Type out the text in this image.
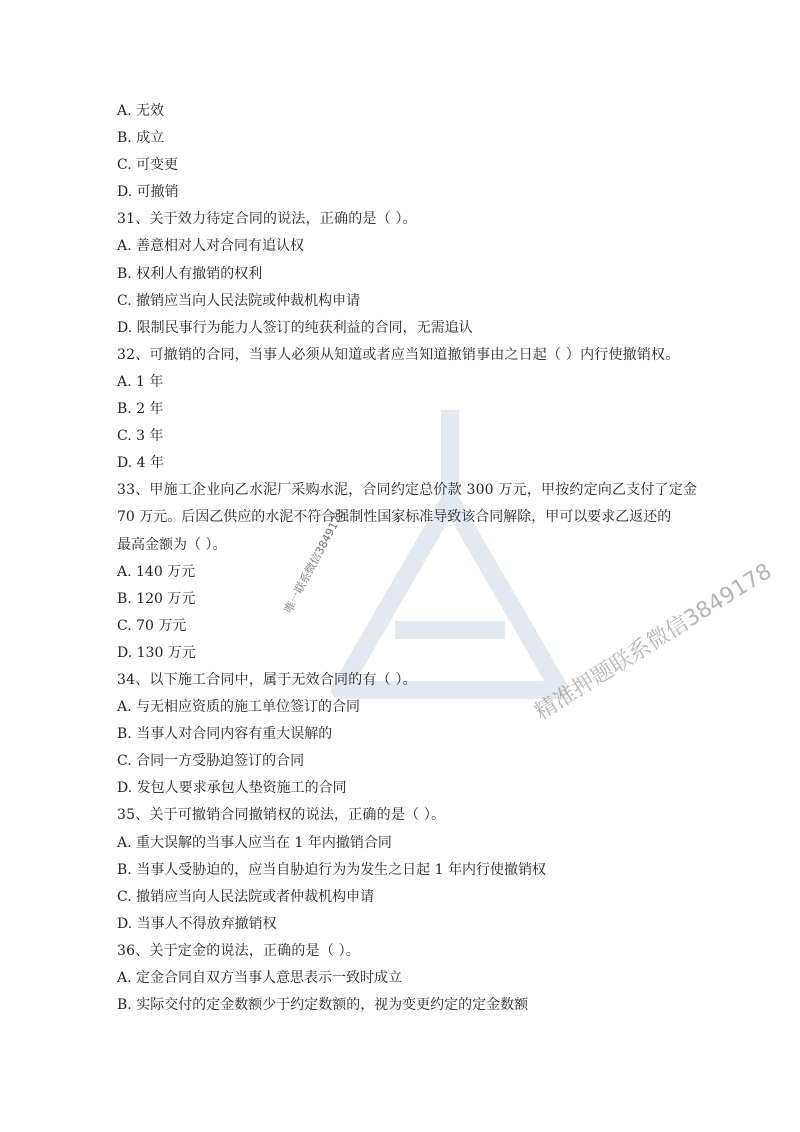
A. 无效
B. 成立
C. 可变更
D. 可撤销
31、关于效力待定合同的说法，正确的是（ ）。
A. 善意相对人对合同有追认权
B. 权利人有撤销的权利
C. 撤销应当向人民法院或仲裁机构申请
D. 限制民事行为能力人签订的纯获利益的合同，无需追认
32、可撤销的合同，当事人必须从知道或者应当知道撤销事由之日起（ ）内行使撤销权。
A. 1 年
B. 2 年
C. 3 年
D. 4 年
33、甲施工企业向乙水泥厂采购水泥，合同约定总价款 300 万元，甲按约定向乙支付了定金
70 万元。后因乙供应的水泥不符合强制性国家标准导致该合同解除，甲可以要求乙返还的
最高金额为（ ）。
A. 140 万元
B. 120 万元
C. 70 万元
D. 130 万元
34、以下施工合同中，属于无效合同的有（ ）。
A. 与无相应资质的施工单位签订的合同
B. 当事人对合同内容有重大误解的
C. 合同一方受胁迫签订的合同
D. 发包人要求承包人垫资施工的合同
35、关于可撤销合同撤销权的说法，正确的是（ ）。
A. 重大误解的当事人应当在 1 年内撤销合同
B. 当事人受胁迫的，应当自胁迫行为为发生之日起 1 年内行使撤销权
C. 撤销应当向人民法院或者仲裁机构申请
D. 当事人不得放弃撤销权
36、关于定金的说法，正确的是（ ）。
A. 定金合同自双方当事人意思表示一致时成立
B. 实际交付的定金数额少于约定数额的，视为变更约定的定金数额
精准押题联系微信3849178
唯一联系微信3849178
